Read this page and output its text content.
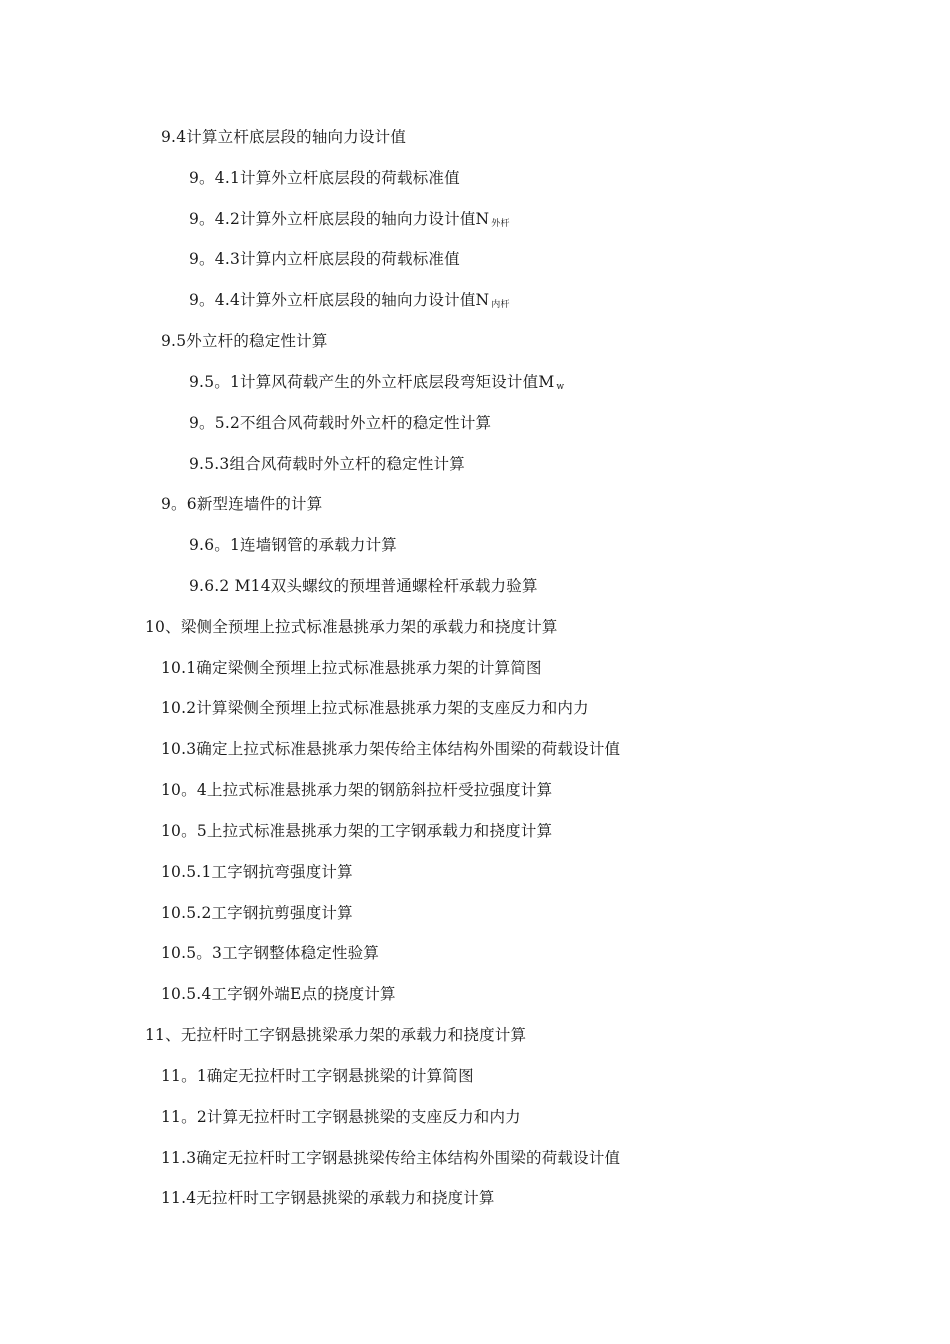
9.4计算立杆底层段的轴向力设计值
9。4.1计算外立杆底层段的荷载标准值
9。4.2计算外立杆底层段的轴向力设计值N $_{外杆}$
9。4.3计算内立杆底层段的荷载标准值
9。4.4计算外立杆底层段的轴向力设计值N $_{内杆}$
9.5外立杆的稳定性计算
9.5。1计算风荷载产生的外立杆底层段弯矩设计值M $_w$
9。5.2不组合风荷载时外立杆的稳定性计算
9.5.3组合风荷载时外立杆的稳定性计算
9。6新型连墙件的计算
9.6。1连墙钢管的承载力计算
9.6.2 M14双头螺纹的预埋普通螺栓杆承载力验算
10、梁侧全预埋上拉式标准悬挑承力架的承载力和挠度计算
10.1确定梁侧全预埋上拉式标准悬挑承力架的计算简图
10.2计算梁侧全预埋上拉式标准悬挑承力架的支座反力和内力
10.3确定上拉式标准悬挑承力架传给主体结构外围梁的荷载设计值
10。4上拉式标准悬挑承力架的钢筋斜拉杆受拉强度计算
10。5上拉式标准悬挑承力架的工字钢承载力和挠度计算
10.5.1工字钢抗弯强度计算
10.5.2工字钢抗剪强度计算
10.5。3工字钢整体稳定性验算
10.5.4工字钢外端E点的挠度计算
11、无拉杆时工字钢悬挑梁承力架的承载力和挠度计算
11。1确定无拉杆时工字钢悬挑梁的计算简图
11。2计算无拉杆时工字钢悬挑梁的支座反力和内力
11.3确定无拉杆时工字钢悬挑梁传给主体结构外围梁的荷载设计值
11.4无拉杆时工字钢悬挑梁的承载力和挠度计算
